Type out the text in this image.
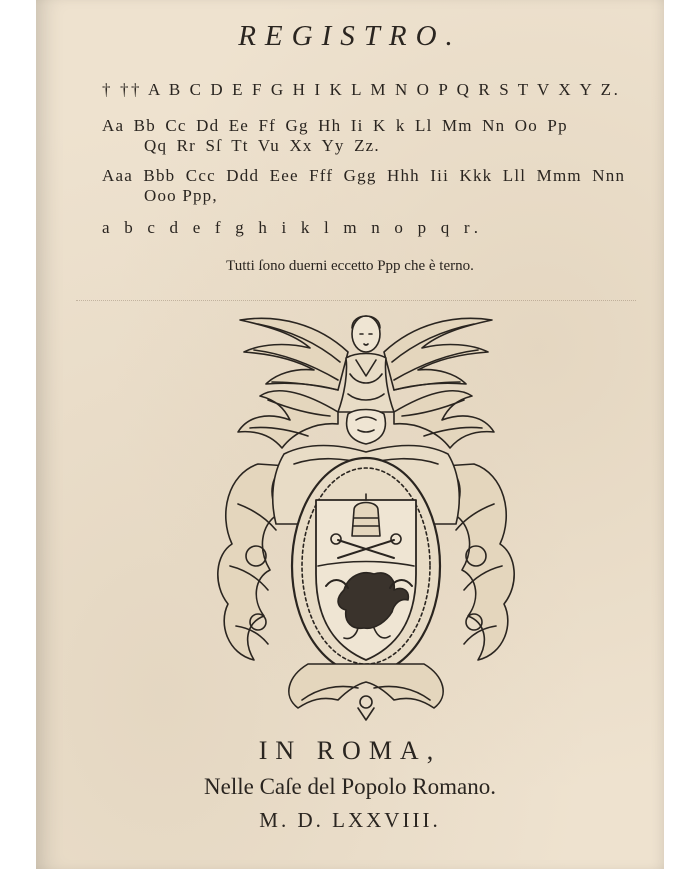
REGISTRO.
† †† A B C D E F G H I K L M N O P Q R S T V X Y Z.
Aa Bb Cc Dd Ee Ff Gg Hh Ii K k Ll Mm Nn Oo Pp
Qq Rr Sſ Tt Vu Xx Yy Zz.
Aaa Bbb Ccc Ddd Eee Fff Ggg Hhh Iii Kkk Lll Mmm Nnn
Ooo Ppp,
a b c d e f g h i k l m n o p q r.
Tutti ſono duerni eccetto Ppp che è terno.
IN ROMA,
Nelle Caſe del Popolo Romano.
M. D. LXXVIII.
